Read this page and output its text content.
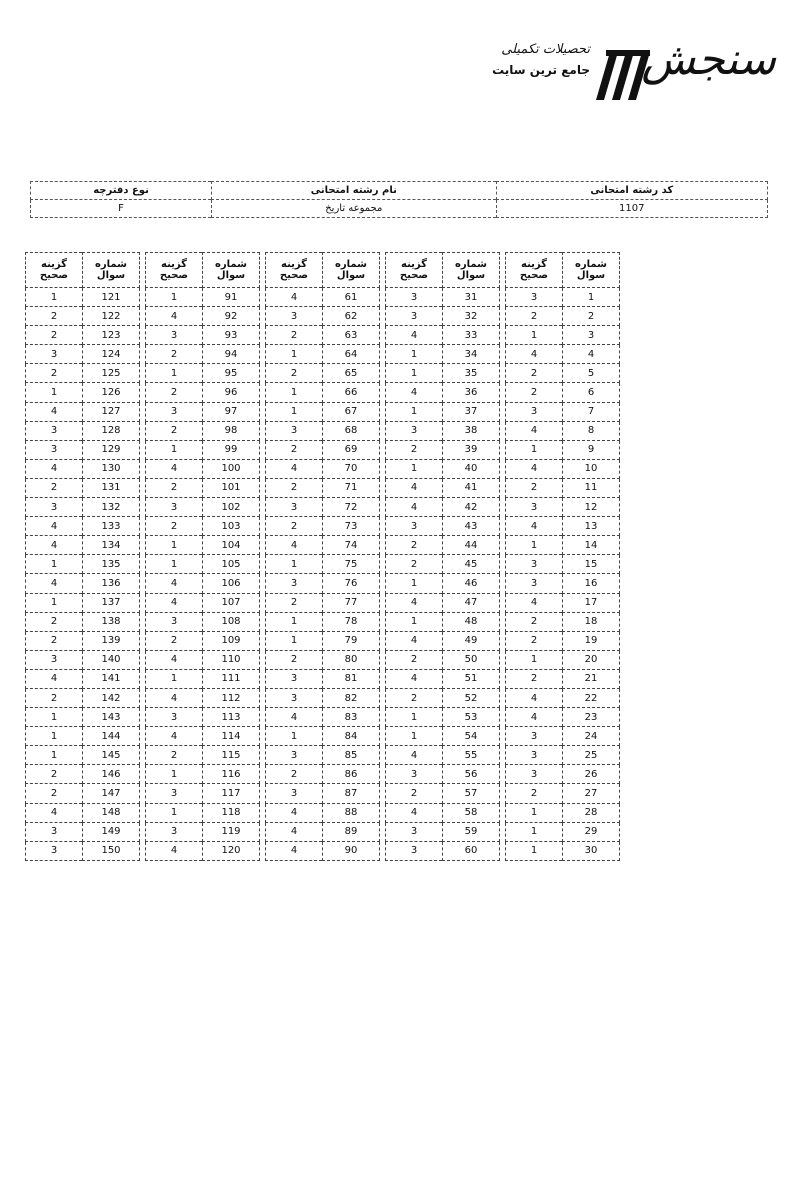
سنجش
تحصیلات تکمیلی
جامع ترین سایت
کد رشته امتحانی	نام رشته امتحانی	نوع دفترچه
1107	مجموعه تاریخ	F
شماره سوال	گزینه صحیح
1	3
2	2
3	1
4	4
5	2
6	2
7	3
8	4
9	1
10	4
11	2
12	3
13	4
14	1
15	3
16	3
17	4
18	2
19	2
20	1
21	2
22	4
23	4
24	3
25	3
26	3
27	2
28	1
29	1
30	1
شماره سوال	گزینه صحیح
31	3
32	3
33	4
34	1
35	1
36	4
37	1
38	3
39	2
40	1
41	4
42	4
43	3
44	2
45	2
46	1
47	4
48	1
49	4
50	2
51	4
52	2
53	1
54	1
55	4
56	3
57	2
58	4
59	3
60	3
شماره سوال	گزینه صحیح
61	4
62	3
63	2
64	1
65	2
66	1
67	1
68	3
69	2
70	4
71	2
72	3
73	2
74	4
75	1
76	3
77	2
78	1
79	1
80	2
81	3
82	3
83	4
84	1
85	3
86	2
87	3
88	4
89	4
90	4
شماره سوال	گزینه صحیح
91	1
92	4
93	3
94	2
95	1
96	2
97	3
98	2
99	1
100	4
101	2
102	3
103	2
104	1
105	1
106	4
107	4
108	3
109	2
110	4
111	1
112	4
113	3
114	4
115	2
116	1
117	3
118	1
119	3
120	4
شماره سوال	گزینه صحیح
121	1
122	2
123	2
124	3
125	2
126	1
127	4
128	3
129	3
130	4
131	2
132	3
133	4
134	4
135	1
136	4
137	1
138	2
139	2
140	3
141	4
142	2
143	1
144	1
145	1
146	2
147	2
148	4
149	3
150	3
